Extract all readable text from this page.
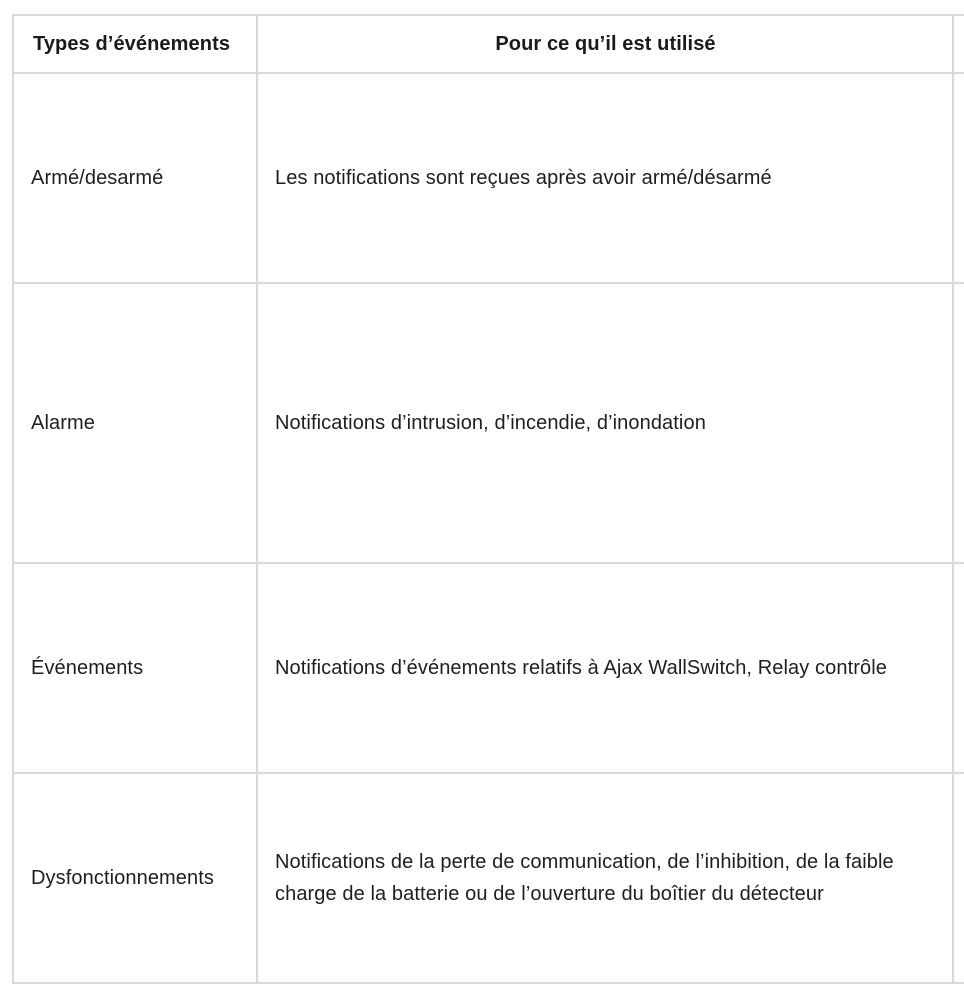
Types d’événements	Pour ce qu’il est utilisé	

Armé/desarmé	Les notifications sont reçues après avoir armé/désarmé	

Alarme	Notifications d’intrusion, d’incendie, d’inondation	

Événements	Notifications d’événements relatifs à Ajax WallSwitch, Relay contrôle	

Dysfonctionnements	Notifications de la perte de communication, de l’inhibition, de la faible charge de la batterie ou de l’ouverture du boîtier du détecteur	
